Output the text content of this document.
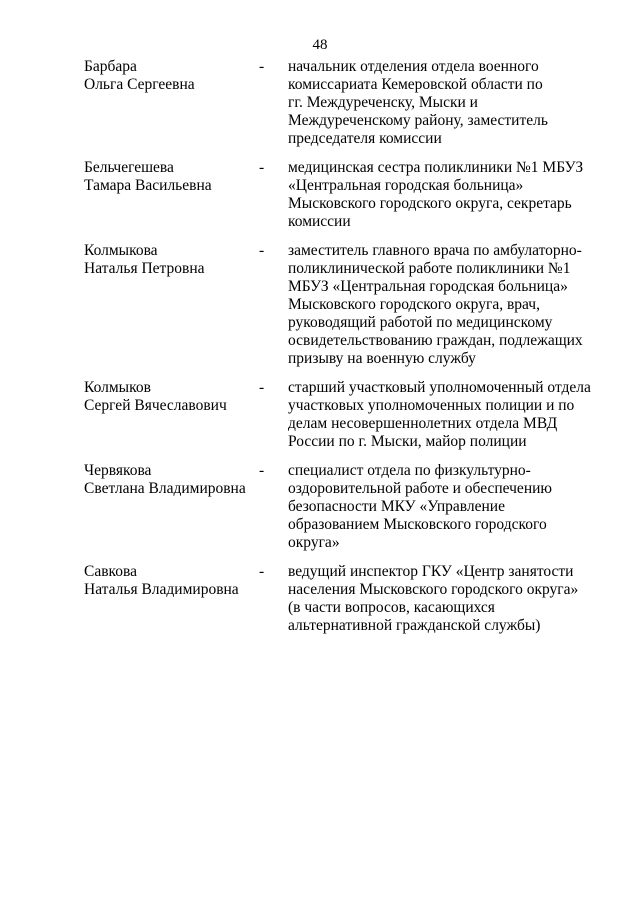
48
Барбара
Ольга Сергеевна
-	начальник отделения отдела военного
комиссариата Кемеровской области по
гг. Междуреченску, Мыски и
Междуреченскому району, заместитель
председателя комиссии
Бельчегешева
Тамара Васильевна
-	медицинская сестра поликлиники №1 МБУЗ
«Центральная городская больница»
Мысковского городского округа, секретарь
комиссии
Колмыкова
Наталья Петровна
-	заместитель главного врача по амбулаторно-
поликлинической работе поликлиники №1
МБУЗ «Центральная городская больница»
Мысковского городского округа, врач,
руководящий работой по медицинскому
освидетельствованию граждан, подлежащих
призыву на военную службу
Колмыков
Сергей Вячеславович
-	старший участковый уполномоченный отдела
участковых уполномоченных полиции и по
делам несовершеннолетних отдела МВД
России по г. Мыски, майор полиции
Червякова
Светлана Владимировна
-	специалист отдела по физкультурно-
оздоровительной работе и обеспечению
безопасности МКУ «Управление
образованием Мысковского городского
округа»
Савкова
Наталья Владимировна
-	ведущий инспектор ГКУ «Центр занятости
населения Мысковского городского округа»
(в части вопросов, касающихся
альтернативной гражданской службы)
